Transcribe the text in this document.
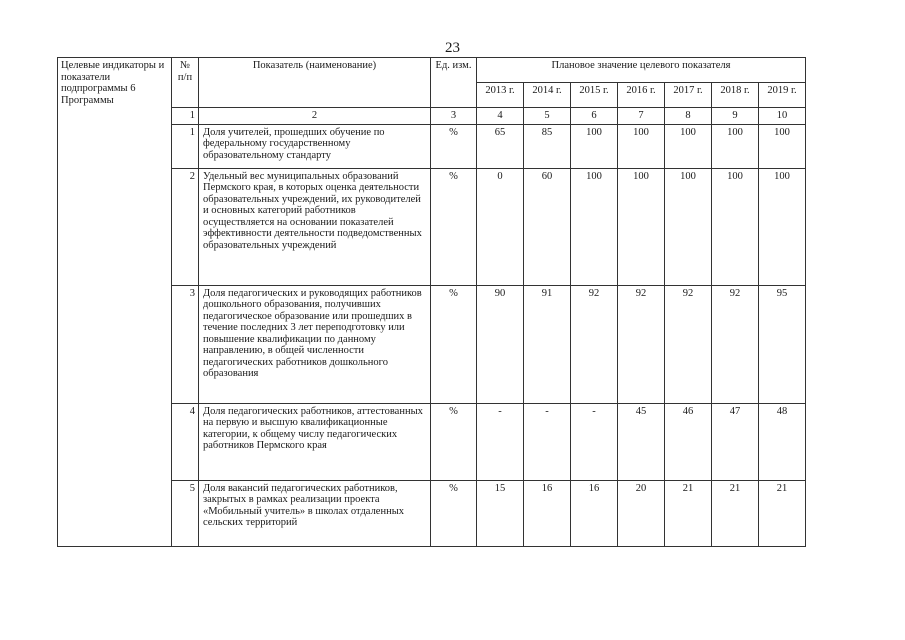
23
Целевые индикаторы и показатели подпрограммы 6 Программы	№ п/п	Показатель (наименование)	Ед. изм.	Плановое значение целевого показателя						
				2013 г.	2014 г.	2015 г.	2016 г.	2017 г.	2018 г.	2019 г.
	1	2	3	4	5	6	7	8	9	10
	1	Доля учителей, прошедших обучение по федеральному государственному образовательному стандарту	%	65	85	100	100	100	100	100
	2	Удельный вес муниципальных образований Пермского края, в которых оценка деятельности образовательных учреждений, их руководителей и основных категорий работников осуществляется на основании показателей эффективности деятельности подведомственных образовательных учреждений	%	0	60	100	100	100	100	100
	3	Доля педагогических и руководящих работников дошкольного образования, получивших педагогическое образование или прошедших в течение последних 3 лет переподготовку или повышение квалификации по данному направлению, в общей численности педагогических работников дошкольного образования	%	90	91	92	92	92	92	95
	4	Доля педагогических работников, аттестованных на первую и высшую квалификационные категории, к общему числу педагогических работников Пермского края	%	-	-	-	45	46	47	48
	5	Доля вакансий педагогических работников, закрытых в рамках реализации проекта «Мобильный учитель» в школах отдаленных сельских территорий	%	15	16	16	20	21	21	21
